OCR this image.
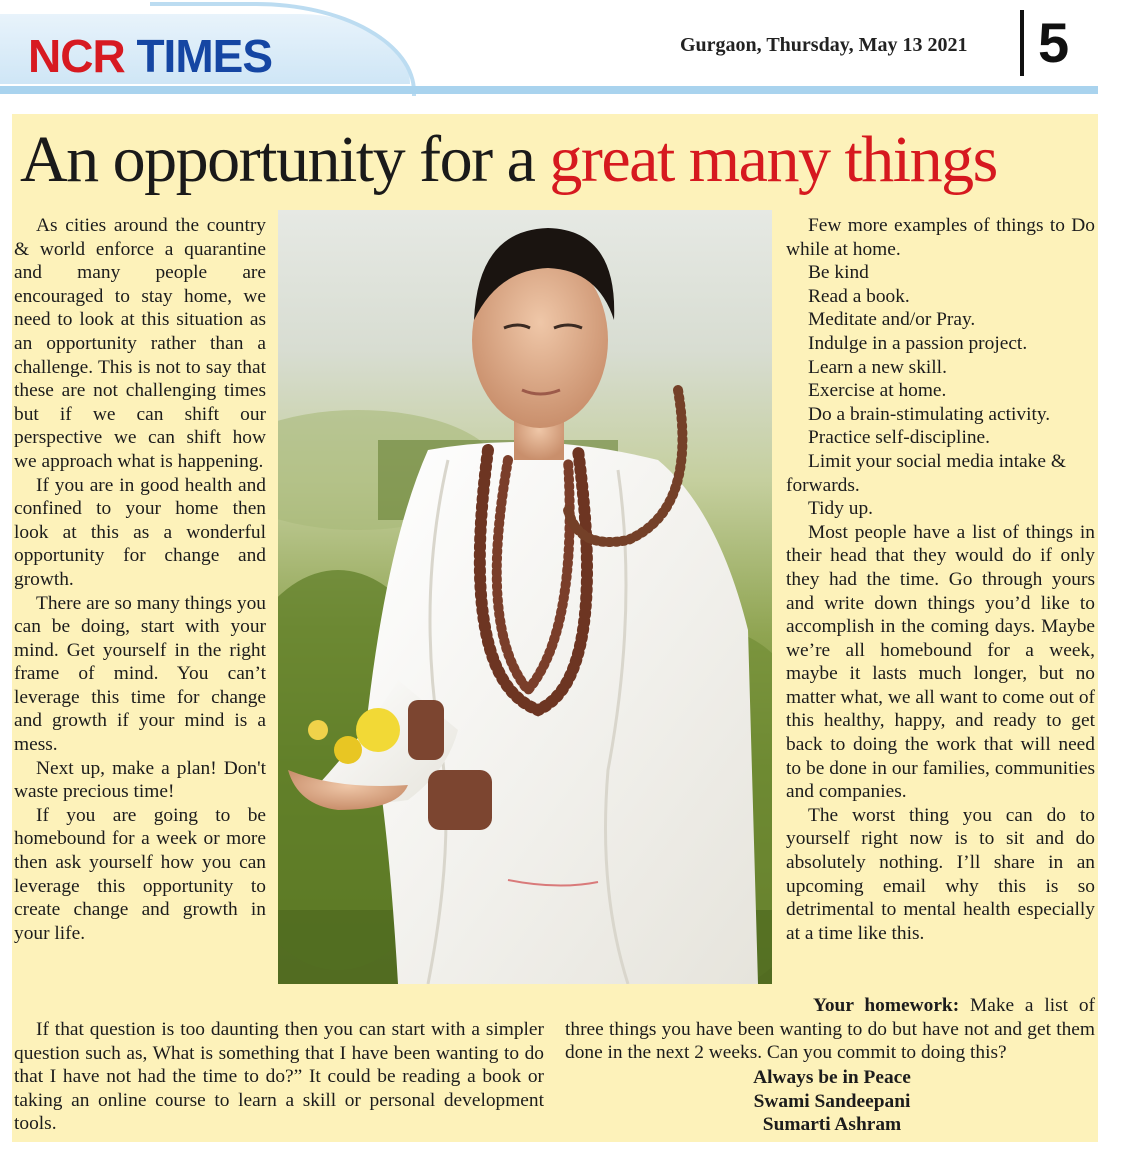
NCR TIMES	Gurgaon, Thursday, May 13 2021 5
An opportunity for a great many things

As cities around the country & world enforce a quarantine and many people are encouraged to stay home, we need to look at this situation as an opportunity rather than a challenge. This is not to say that these are not challenging times but if we can shift our perspective we can shift how we approach what is happening.

If you are in good health and confined to your home then look at this as a wonderful opportunity for change and growth.

There are so many things you can be doing, start with your mind. Get yourself in the right frame of mind. You can’t leverage this time for change and growth if your mind is a mess.

Next up, make a plan! Don't waste precious time!

If you are going to be homebound for a week or more then ask yourself how you can leverage this opportunity to create change and growth in your life.

Few more examples of things to Do while at home.

Be kind

Read a book.

Meditate and/or Pray.

Indulge in a passion project.

Learn a new skill.

Exercise at home.

Do a brain-stimulating activity.

Practice self-discipline.

Limit your social media intake & forwards.

Tidy up.

Most people have a list of things in their head that they would do if only they had the time. Go through yours and write down things you’d like to accomplish in the coming days. Maybe we’re all homebound for a week, maybe it lasts much longer, but no matter what, we all want to come out of this healthy, happy, and ready to get back to doing the work that will need to be done in our families, communities and companies.

The worst thing you can do to yourself right now is to sit and do absolutely nothing. I’ll share in an upcoming email why this is so detrimental to mental health especially at a time like this.

If that question is too daunting then you can start with a simpler question such as, What is something that I have been wanting to do that I have not had the time to do?” It could be reading a book or taking an online course to learn a skill or personal development tools.

Your homework: Make a list of three things you have been wanting to do but have not and get them done in the next 2 weeks. Can you commit to doing this?

Always be in Peace
Swami Sandeepani
Sumarti Ashram
